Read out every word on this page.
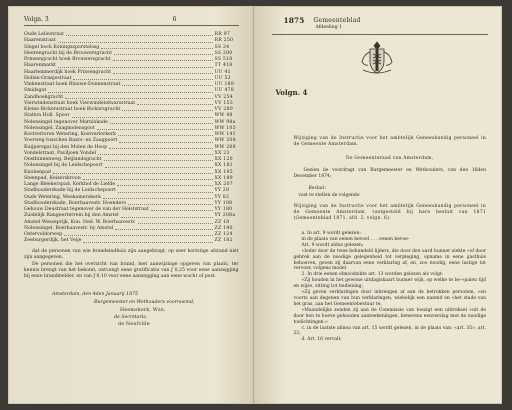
Volgn. 3	6
Oude Leliestraat	RR 97
Haarenstraat	RR 250
Singel bock Koningssporstelssg	SS 24
Heerengracht bij de Brouwersgracht	SS 200
Prinsengracht hoek Brouwersgracht	SS 518
Haarenmarkt	TT 418
Haarlemmerdijk hoek Prinsengracht	UU 41
Hollen-Oranjestraat	UU 52
Vinkenstraat hoek Blauwe-Donnenstraat	UU 189
Smidsgat	UU 478
Zandhoekgracht	VV 254
Vierwindenstraat hoek Vierwindendwarsstraat	VV 153
Kleine Bickersstraat hoek Bickersgracht	VV 280
Station Holl. Spoor	WW 48
Nolensingel tegenover Marnixkade	WW 98a
Nolensingel, Zaagmolensgoot	WW 103
Kostverloren Wetering, Kostverlorkerk	WW 141
Voorweg tusschen Baars- en Zaagpoort	WW 208
Kuijpersgat bij den Molen de Hoop	WW 208
Vondelstraat, Paviljoen Vondel	XX 23
Oostbinnenweg, Beijlandsgracht	XX 120
Nolensingel bij de Leidschepoort	XX 181
Knobenpad	XX 185
Steenpad, Keizerskroon	XX 189
Lange Bleekerspad, Kerkhof de Liefde	XX 207
Stadhouderskade bij de Leidschepoort	YY 28
Oude Wetering, Weekamerskerk	YY 82
Stadhouderskade, Boerhaavestr. Hoenders	YY 108
Gebouw Deustraat tegenover de van der Helststraat	YY 180
Zuidelijk Rangeerterrein bij den Amstel	YY 208a
Amstel Wesseprijk, Kon. Ned. W. Boerhaavestr.	ZZ 18
Nolensingel, Boerhaavestr. by Amstel	ZZ 140
Ostervoldorweg	ZZ 124
Zeeburgerdijk, het Veije	ZZ 182
dat de personen van wie brandeindhuis zijn aangebragt, op zeer kortstige afstand niet zijn aangegeven.
De personen die het overzicht van brand, met aanwijzinge opgeven van plaats, ter kennis brengt van het bekomt, ontvangt eene gratificatie van ƒ 0,25 voor eene aanzegging bij eene brandmelder, en van ƒ 0,10 voor eene aanzegging aan eene wacht of post.
Amsterdam, den 4den Januarij 1875
Burgemeester en Wethouders voornoemd,
Heemskerk, Wzn.
de Secretaris,
de Neufville
1875 Gemeenteblad
Afdeeling 1
Volgn. 4
Wijziging van de Instructie voor het ambtelijk Geneeskundig personeel in de Gemeente Amsterdam.
De Gemeenteraad van Amsterdam,
Gezien de voordragt van Burgemeester en Wethouders, van den 16den December 1874;
Besluit:
vast te stellen de volgende
Wijziging van de Instructie voor het ambtelijk Geneeskundig personeel in de Gemeente Amsterdam, vastgesteld bij hare besluit van 1871 (Gemeenteblad 1871, afd. 2, volgn. 6).
a. In art. 9 wordt gelezen:
in de plaats van eenen bevoel . . . eenen bevoe-
Art. 9 wordt aldus gelezen:
«Ieder door de twee behandeld lijders, die door den aard hunner ziekte «of door gebrek aan de noodige gelegenheid tot verpleging, opname in eene gasthuis behoeven, geven zij daarvan eene verklaring af, en, zoo noodig, eene lastige tot vervoer, volgens model
2. In drie eenen elmoodzikte art. 13 worden gelezen als volgt:
«Zij houden in het gewone uitdagiskaart hunner wijk, op welke te be-«palen tijd en wijze, zitting tot bediening;
«Zij geven verklaringen door inbrengen af aan de betrokken personen, «en voorts aan degenen van hun verklaringen, wiehelijk een nanmd en «het stade van het gras, aan het Gemeentebestuur te,
«Maandelijks zenden zij aan de Commissie van toezigt een uittreksel «uit de door hen te hoeve gehouden aanteekeningen, benevens eenverslag met de noodige toelichtingen.»
c. in de laatste alinea van art. 15 wordt gelezen, in de plaats van: «art. 35», art. 22;
d. Art. 16 vervalt;
